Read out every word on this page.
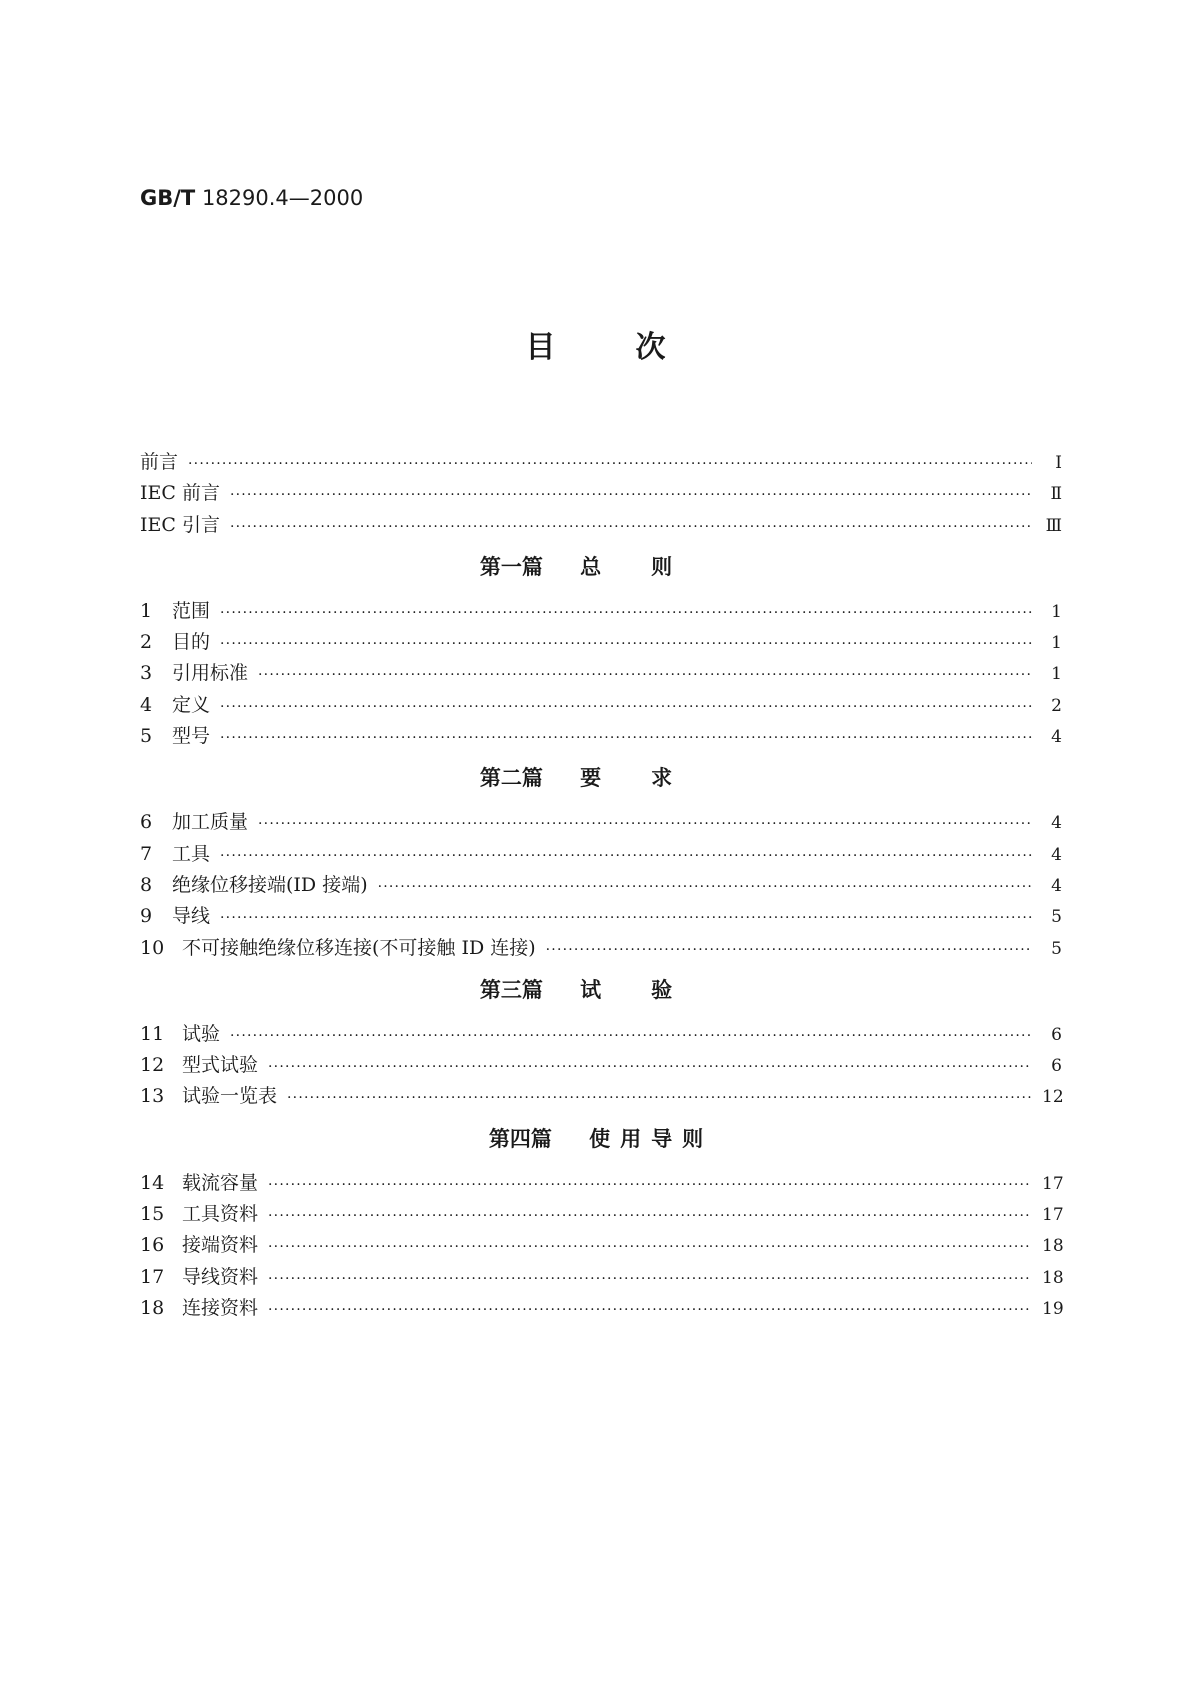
GB/T 18290.4—2000
目次
前言 ·····	Ⅰ
IEC 前言 ·····	Ⅱ
IEC 引言 ·····	Ⅲ
第一篇 总则
1	范围 ·····	1
2	目的 ·····	1
3	引用标准 ·····	1
4	定义 ·····	2
5	型号 ·····	4
第二篇 要求
6	加工质量 ·····	4
7	工具 ·····	4
8	绝缘位移接端(ID 接端) ·····	4
9	导线 ·····	5
10 不可接触绝缘位移连接(不可接触 ID 连接) ·····	5
第三篇 试验
11 试验 ·····	6
12 型式试验 ·····	6
13 试验一览表 ·····	12
第四篇 使用导则
14 载流容量 ·····	17
15 工具资料 ·····	17
16 接端资料 ·····	18
17 导线资料 ·····	18
18 连接资料 ·····	19
